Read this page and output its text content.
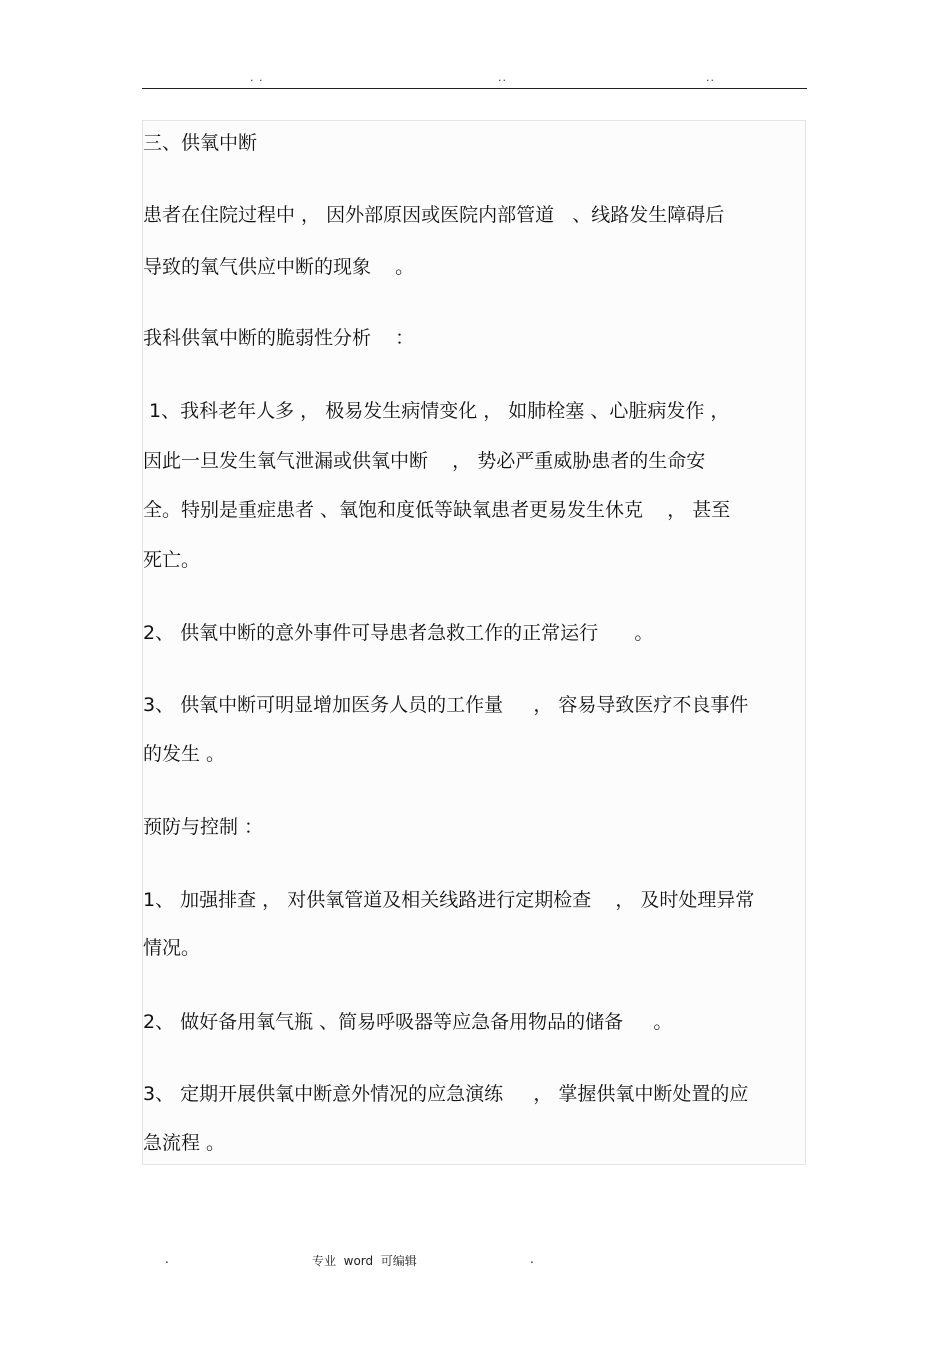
· ·	··	··
三、供氧中断
患者在住院过程中 ， 因外部原因或医院内部管道   、线路发生障碍后
导致的氧气供应中断的现象    。
我科供氧中断的脆弱性分析    ：
1、我科老年人多 ， 极易发生病情变化 ， 如肺栓塞 、心脏病发作 ，
因此一旦发生氧气泄漏或供氧中断    ， 势必严重威胁患者的生命安
全。特别是重症患者 、氧饱和度低等缺氧患者更易发生休克    ， 甚至
死亡。
2、 供氧中断的意外事件可导患者急救工作的正常运行      。
3、 供氧中断可明显增加医务人员的工作量     ， 容易导致医疗不良事件
的发生 。
预防与控制 ：
1、 加强排查 ， 对供氧管道及相关线路进行定期检查    ， 及时处理异常
情况。
2、 做好备用氧气瓶 、简易呼吸器等应急备用物品的储备     。
3、 定期开展供氧中断意外情况的应急演练     ， 掌握供氧中断处置的应
急流程 。
.	专业  word  可编辑	.
